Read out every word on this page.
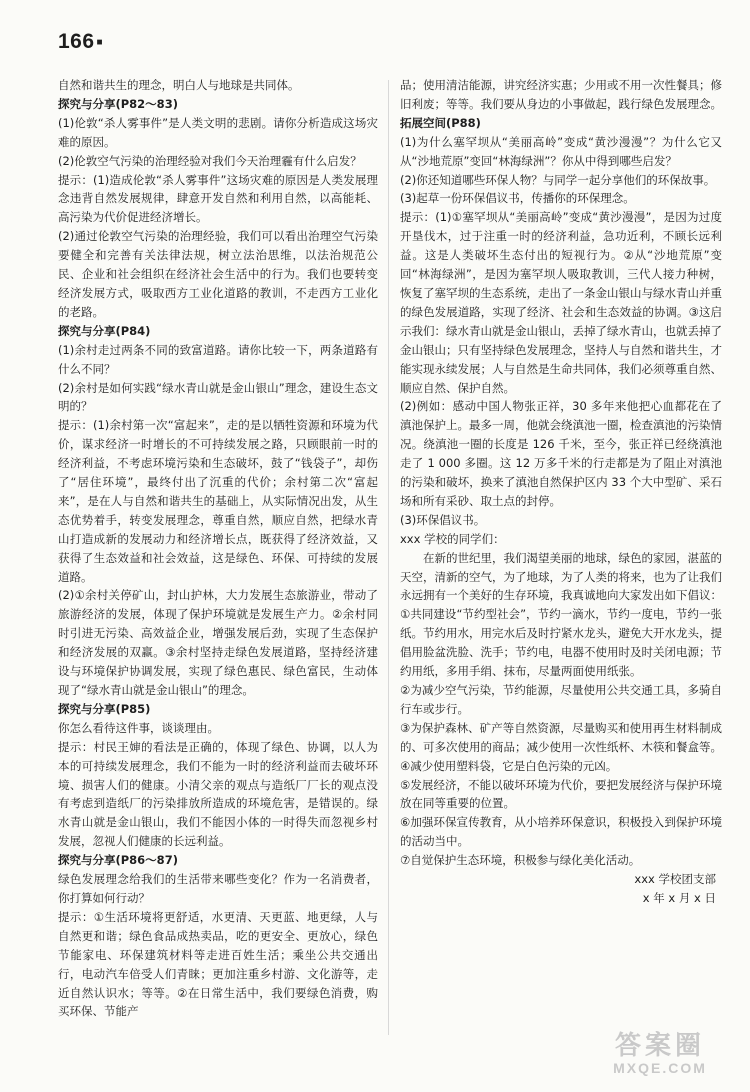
166 ■

自然和谐共生的理念，明白人与地球是共同体。

探究与分享(P82～83)

(1)伦敦“杀人雾事件”是人类文明的悲剧。请你分析造成这场灾难的原因。

(2)伦敦空气污染的治理经验对我们今天治理霾有什么启发？

提示：(1)造成伦敦“杀人雾事件”这场灾难的原因是人类发展理念违背自然发展规律，肆意开发自然和利用自然，以高能耗、高污染为代价促进经济增长。

(2)通过伦敦空气污染的治理经验，我们可以看出治理空气污染要健全和完善有关法律法规，树立法治思维，以法治规范公民、企业和社会组织在经济社会生活中的行为。我们也要转变经济发展方式，吸取西方工业化道路的教训，不走西方工业化的老路。

探究与分享(P84)

(1)余村走过两条不同的致富道路。请你比较一下，两条道路有什么不同？

(2)余村是如何实践“绿水青山就是金山银山”理念，建设生态文明的？

提示：(1)余村第一次“富起来”，走的是以牺牲资源和环境为代价，谋求经济一时增长的不可持续发展之路，只顾眼前一时的经济利益，不考虑环境污染和生态破坏，鼓了“钱袋子”，却伤了“居住环境”，最终付出了沉重的代价；余村第二次“富起来”，是在人与自然和谐共生的基础上，从实际情况出发，从生态优势着手，转变发展理念，尊重自然，顺应自然，把绿水青山打造成新的发展动力和经济增长点，既获得了经济效益，又获得了生态效益和社会效益，这是绿色、环保、可持续的发展道路。

(2)①余村关停矿山，封山护林，大力发展生态旅游业，带动了旅游经济的发展，体现了保护环境就是发展生产力。②余村同时引进无污染、高效益企业，增强发展后劲，实现了生态保护和经济发展的双赢。③余村坚持走绿色发展道路，坚持经济建设与环境保护协调发展，实现了绿色惠民、绿色富民，生动体现了“绿水青山就是金山银山”的理念。

探究与分享(P85)

你怎么看待这件事，谈谈理由。

提示：村民王婶的看法是正确的，体现了绿色、协调，以人为本的可持续发展理念，我们不能为一时的经济利益而去破坏环境、损害人们的健康。小清父亲的观点与造纸厂厂长的观点没有考虑到造纸厂的污染排放所造成的环境危害，是错误的。绿水青山就是金山银山，我们不能因小体的一时得失而忽视乡村发展，忽视人们健康的长远利益。

探究与分享(P86～87)

绿色发展理念给我们的生活带来哪些变化？作为一名消费者，你打算如何行动？

提示：①生活环境将更舒适，水更清、天更蓝、地更绿，人与自然更和谐；绿色食品成热卖品，吃的更安全、更放心，绿色节能家电、环保建筑材料等走进百姓生活；乘坐公共交通出行，电动汽车倍受人们青睐；更加注重乡村游、文化游等，走近自然认识水；等等。②在日常生活中，我们要绿色消费，购买环保、节能产

品；使用清洁能源，讲究经济实惠；少用或不用一次性餐具；修旧利废；等等。我们要从身边的小事做起，践行绿色发展理念。

拓展空间(P88)

(1)为什么塞罕坝从“美丽高岭”变成“黄沙漫漫”？为什么它又从“沙地荒原”变回“林海绿洲”？你从中得到哪些启发？

(2)你还知道哪些环保人物？与同学一起分享他们的环保故事。

(3)起草一份环保倡议书，传播你的环保理念。

提示：(1)①塞罕坝从“美丽高岭”变成“黄沙漫漫”，是因为过度开垦伐木，过于注重一时的经济利益，急功近利，不顾长远利益。这是人类破坏生态付出的短视行为。②从“沙地荒原”变回“林海绿洲”，是因为塞罕坝人吸取教训，三代人接力种树，恢复了塞罕坝的生态系统，走出了一条金山银山与绿水青山并重的绿色发展道路，实现了经济、社会和生态效益的协调。③这启示我们：绿水青山就是金山银山，丢掉了绿水青山，也就丢掉了金山银山；只有坚持绿色发展理念，坚持人与自然和谐共生，才能实现永续发展；人与自然是生命共同体，我们必须尊重自然、顺应自然、保护自然。

(2)例如：感动中国人物张正祥，30 多年来他把心血都花在了滇池保护上。最多一周，他就会绕滇池一圈，检查滇池的污染情况。绕滇池一圈的长度是 126 千米，至今，张正祥已经绕滇池走了 1 000 多圈。这 12 万多千米的行走都是为了阻止对滇池的污染和破坏，换来了滇池自然保护区内 33 个大中型矿、采石场和所有采砂、取土点的封停。

(3)环保倡议书。

xxx 学校的同学们：

　　在新的世纪里，我们渴望美丽的地球，绿色的家园，湛蓝的天空，清新的空气，为了地球，为了人类的将来，也为了让我们永远拥有一个美好的生存环境，我真诚地向大家发出如下倡议：

①共同建设“节约型社会”，节约一滴水，节约一度电，节约一张纸。节约用水，用完水后及时拧紧水龙头，避免大开水龙头，提倡用脸盆洗脸、洗手；节约电，电器不使用时及时关闭电源；节约用纸，多用手绢、抹布，尽量两面使用纸张。

②为减少空气污染，节约能源，尽量使用公共交通工具，多骑自行车或步行。

③为保护森林、矿产等自然资源，尽量购买和使用再生材料制成的、可多次使用的商品；减少使用一次性纸杯、木筷和餐盒等。

④减少使用塑料袋，它是白色污染的元凶。

⑤发展经济，不能以破坏环境为代价，要把发展经济与保护环境放在同等重要的位置。

⑥加强环保宣传教育，从小培养环保意识，积极投入到保护环境的活动当中。

⑦自觉保护生态环境，积极参与绿化美化活动。

xxx 学校团支部

x 年 x 月 x 日

答案圈
MXQE.COM
